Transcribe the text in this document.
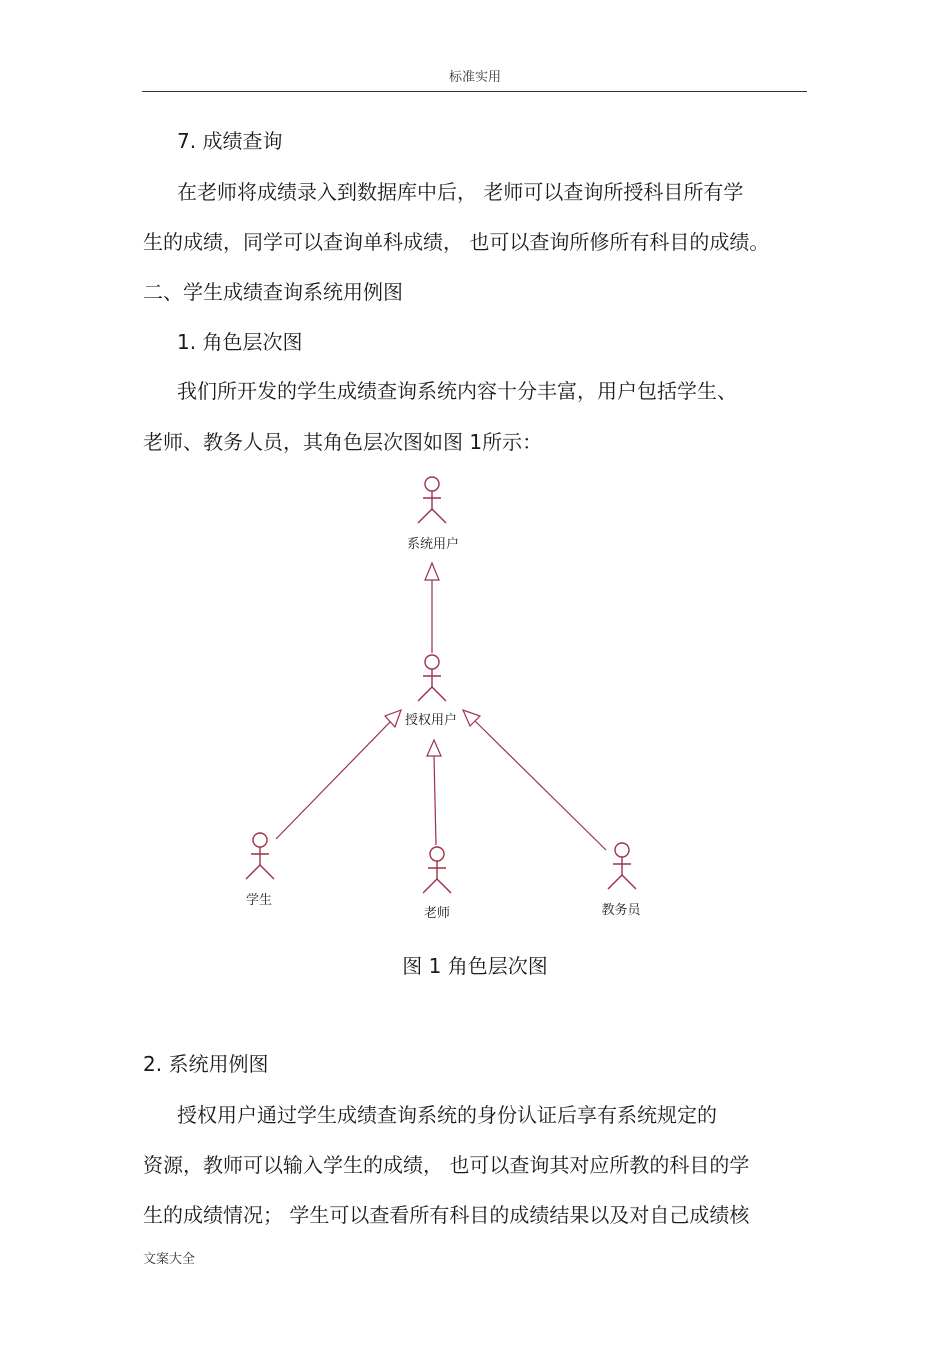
标准实用
7. 成绩查询
在老师将成绩录入到数据库中后， 老师可以查询所授科目所有学
生的成绩，同学可以查询单科成绩， 也可以查询所修所有科目的成绩。
二、学生成绩查询系统用例图
1. 角色层次图
我们所开发的学生成绩查询系统内容十分丰富，用户包括学生、
老师、教务人员，其角色层次图如图 1所示：
系统用户
授权用户
学生
老师	教务员
图 1 角色层次图
2. 系统用例图
授权用户通过学生成绩查询系统的身份认证后享有系统规定的
资源，教师可以输入学生的成绩， 也可以查询其对应所教的科目的学
生的成绩情况； 学生可以查看所有科目的成绩结果以及对自己成绩核
文案大全
